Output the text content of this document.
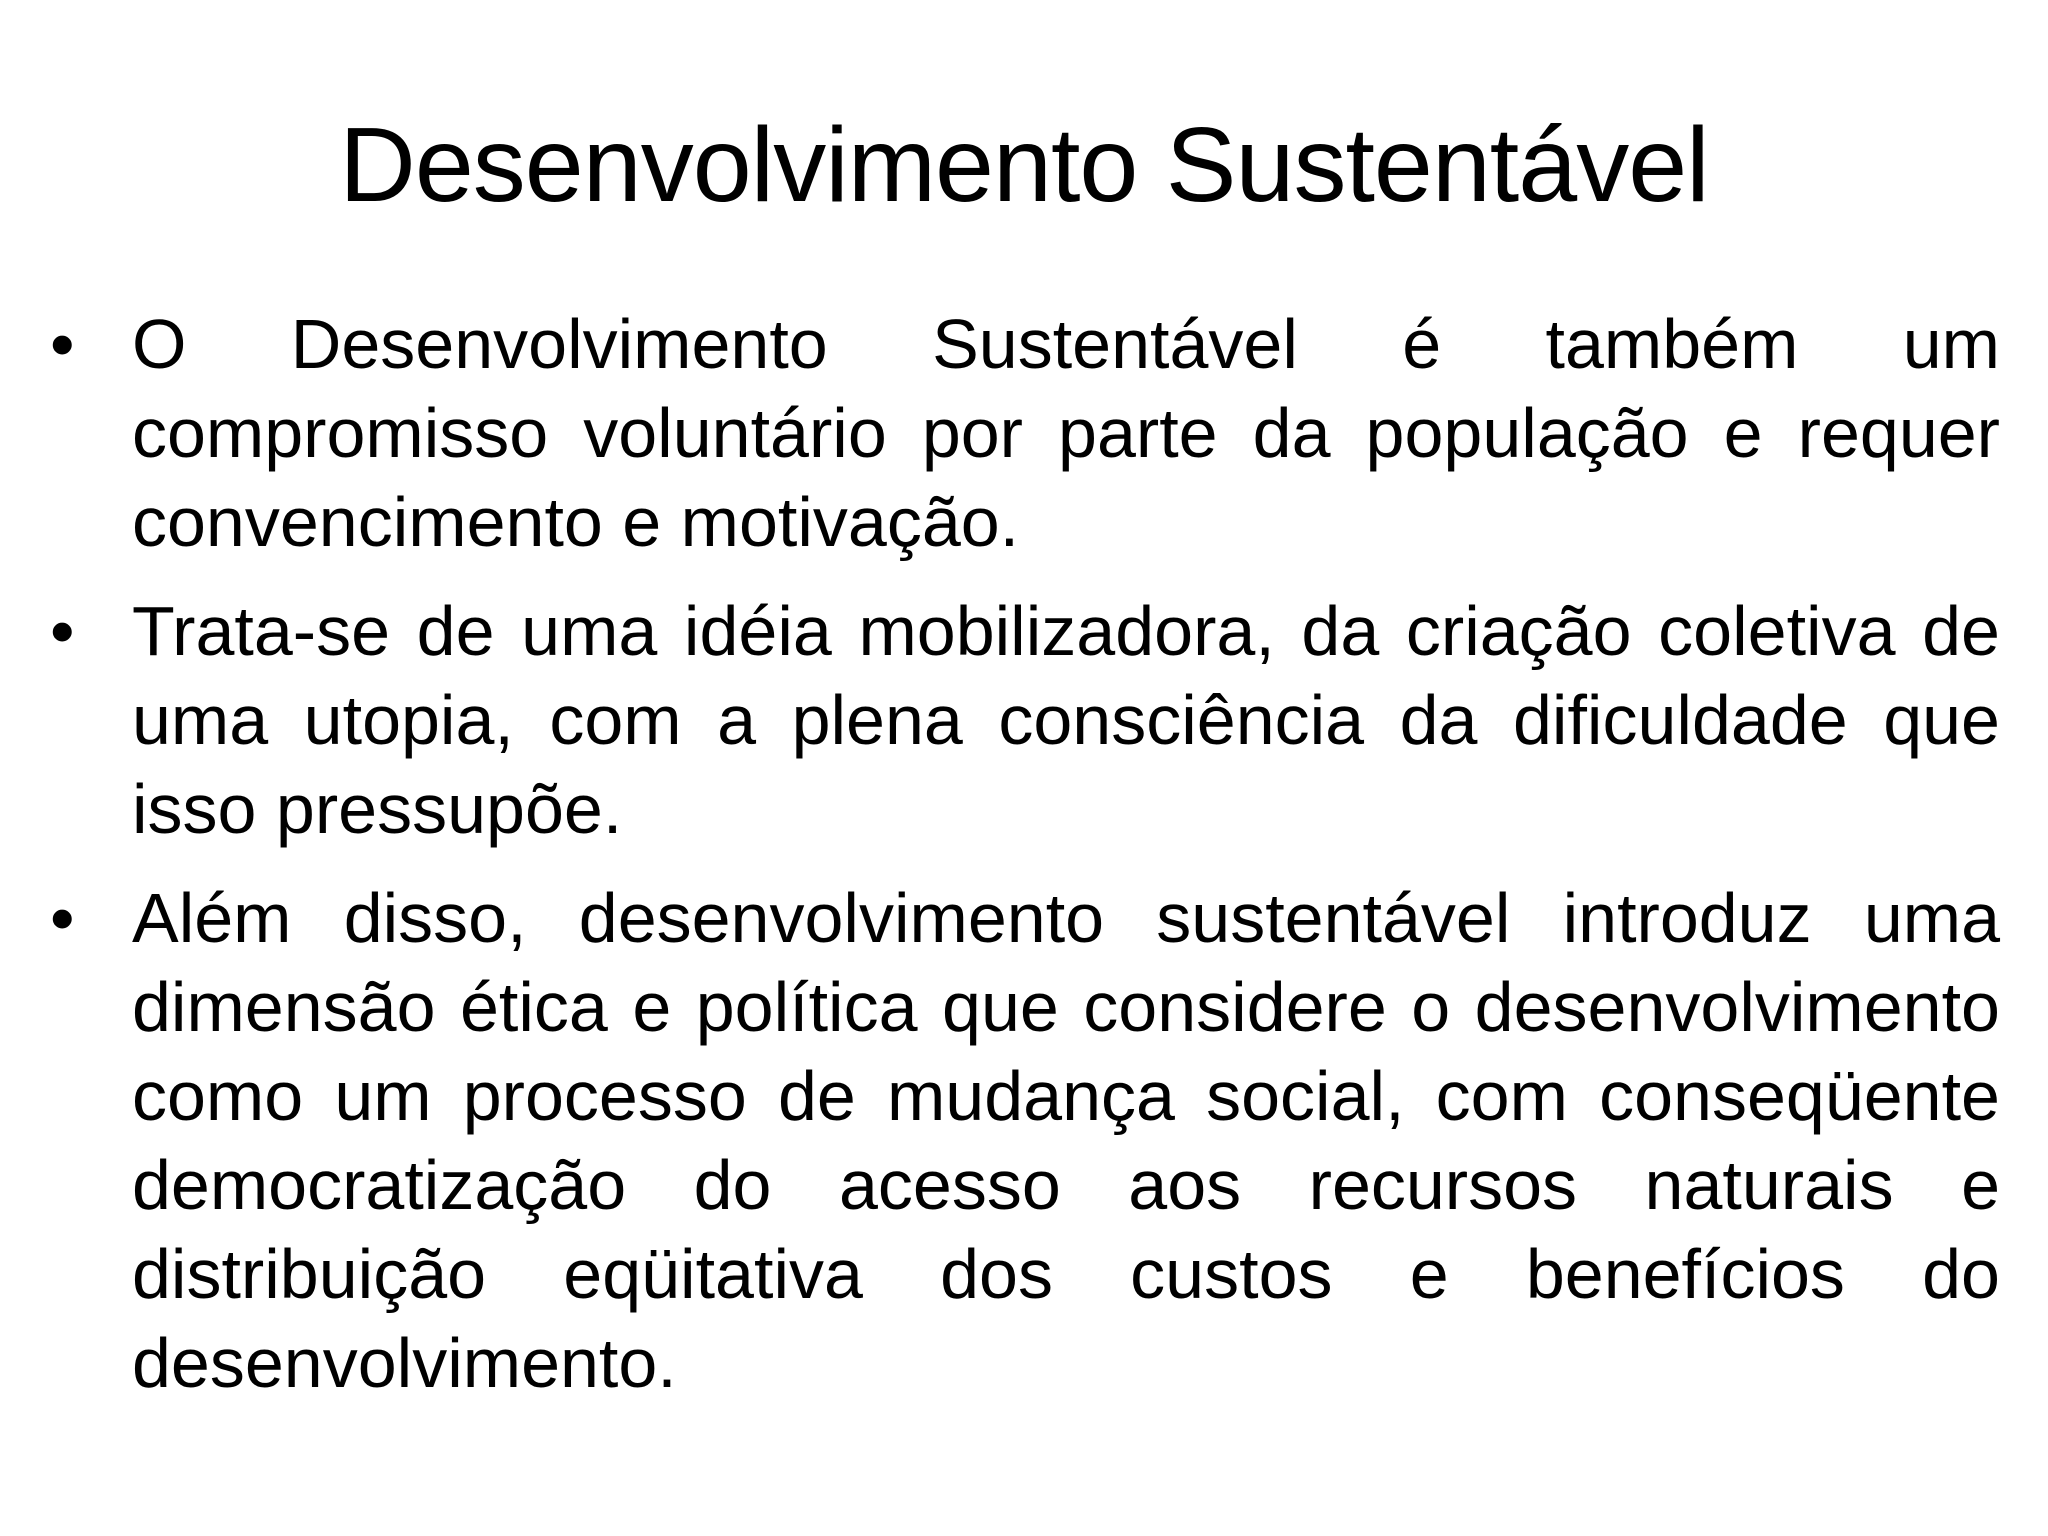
Desenvolvimento Sustentável
• O Desenvolvimento Sustentável é também um compromisso voluntário por parte da população e requer convencimento e motivação.
• Trata-se de uma idéia mobilizadora, da criação coletiva de uma utopia, com a plena consciência da dificuldade que isso pressupõe.
• Além disso, desenvolvimento sustentável introduz uma dimensão ética e política que considere o desenvolvimento como um processo de mudança social, com conseqüente democratização do acesso aos recursos naturais e distribuição eqüitativa dos custos e benefícios do desenvolvimento.
